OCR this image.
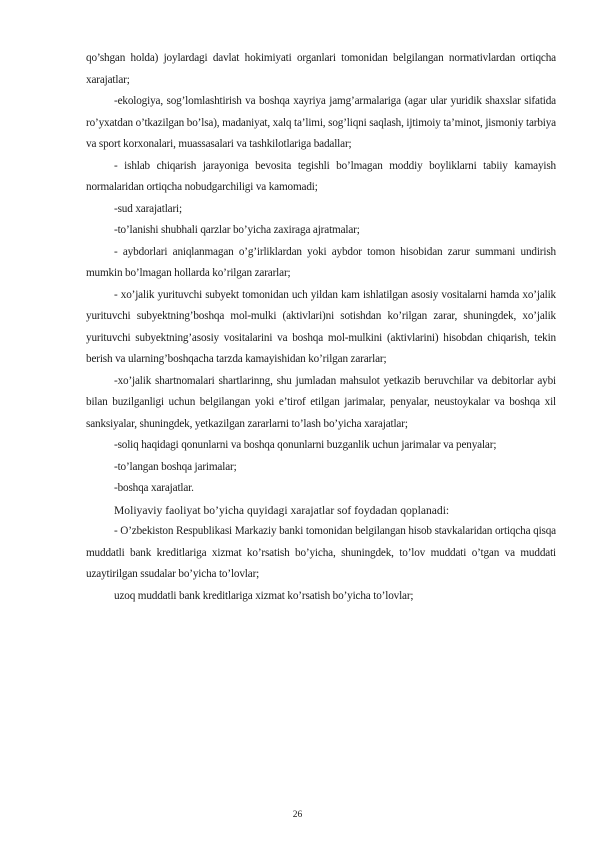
qo’shgan holda) joylardagi davlat hokimiyati organlari tomonidan belgilangan normativlardan ortiqcha xarajatlar;

-ekologiya, sog’lomlashtirish va boshqa xayriya jamg’armalariga (agar ular yuridik shaxslar sifatida ro’yxatdan o’tkazilgan bo’lsa), madaniyat, xalq ta’limi, sog’liqni saqlash, ijtimoiy ta’minot, jismoniy tarbiya va sport korxonalari, muassasalari va tashkilotlariga badallar;

- ishlab chiqarish jarayoniga bevosita tegishli bo’lmagan moddiy boyliklarni tabiiy kamayish normalaridan ortiqcha nobudgarchiligi va kamomadi;

-sud xarajatlari;

-to’lanishi shubhali qarzlar bo’yicha zaxiraga ajratmalar;

- aybdorlari aniqlanmagan o’g’irliklardan yoki aybdor tomon hisobidan zarur summani undirish mumkin bo’lmagan hollarda ko’rilgan zararlar;

- xo’jalik yurituvchi subyekt tomonidan uch yildan kam ishlatilgan asosiy vositalarni hamda xo’jalik yurituvchi subyektning’boshqa mol-mulki (aktivlari)ni sotishdan ko’rilgan zarar, shuningdek, xo’jalik yurituvchi subyektning’asosiy vositalarini va boshqa mol-mulkini (aktivlarini) hisobdan chiqarish, tekin berish va ularning’boshqacha tarzda kamayishidan ko’rilgan zararlar;

-xo’jalik shartnomalari shartlarinng, shu jumladan mahsulot yetkazib beruvchilar va debitorlar aybi bilan buzilganligi uchun belgilangan yoki e’tirof etilgan jarimalar, penyalar, neustoykalar va boshqa xil sanksiyalar, shuningdek, yetkazilgan zararlarni to’lash bo’yicha xarajatlar;

-soliq haqidagi qonunlarni va boshqa qonunlarni buzganlik uchun jarimalar va penyalar;

-to’langan boshqa jarimalar;

-boshqa xarajatlar.

Moliyaviy faoliyat bo’yicha quyidagi xarajatlar sof foydadan qoplanadi:

- O’zbekiston Respublikasi Markaziy banki tomonidan belgilangan hisob stavkalaridan ortiqcha qisqa muddatli bank kreditlariga xizmat ko’rsatish bo’yicha, shuningdek, to’lov muddati o’tgan va muddati uzaytirilgan ssudalar bo’yicha to’lovlar;

uzoq muddatli bank kreditlariga xizmat ko’rsatish bo’yicha to’lovlar;

26
